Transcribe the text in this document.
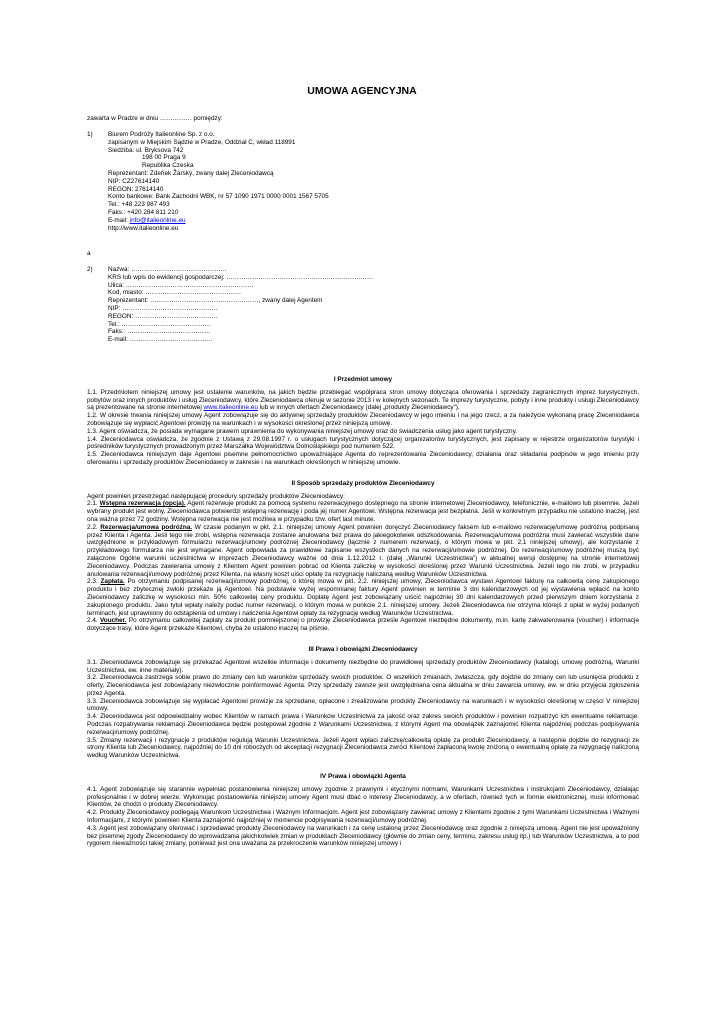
UMOWA AGENCYJNA
zawarta w Pradze w dniu …………… pomiędzy:
1) Biurem Podróży Italieonline Sp. z o.o.
zapisanym w Miejskim Sądzie w Pradze, Oddział C, wkład 118991
Siedziba: ul. Bryksova 742
198 00 Praga 9
Republika Czeska
Reprezentant: Zdeňek Žárský, zwany dalej Zleceniodawcą
NIP: CZ27614140
REGON: 27614140
Konto bankowe: Bank Zachodni WBK, nr 57 1090 1971 0000 0001 1567 5705
Tel.: +48 223 987 493
Faks.: +420 284 811 210
E-mail: info@italieonline.eu
http://www.italieonline.eu
a
2) Nazwa: ………………………………………
KRS lub wpis do ewidencji gospodarczej: ……………………………………………………………
Ulica: ……………………………………………………
Kod, miasto: ………………………………………
Reprezentant: ……………………………………………, zwany dalej Agentem
NIP: ………………………………………
REGON: …………………………………
Tel.: ……………………………………
Faks.: …………………………………
E-mail: …………………………………

I Przedmiot umowy

1.1. Przedmiotem niniejszej umowy jest ustalenie warunków, na jakich będzie przebiegać współpraca stron umowy dotycząca oferowania i sprzedaży zagranicznych imprez turystycznych, pobytów oraz innych produktów i usług Zleceniodawcy, które Zleceniodawca oferuje w sezonie 2013 i w kolejnych sezonach. Te imprezy turystyczne, pobyty i inne produkty i usługi Zleceniodawcy są prezentowane na stronie internetowej www.italieonline.eu lub w innych ofertach Zleceniodawcy (dalej „produkty Zleceniodawcy”).

1.2. W okresie trwania niniejszej umowy Agent zobowiązuje się do aktywnej sprzedaży produktów Zleceniodawcy w jego imieniu i na jego rzecz, a za należycie wykonaną pracę Zleceniodawca zobowiązuje się wypłacić Agentowi prowizję na warunkach i w wysokości określonej przez niniejszą umowę.

1.3. Agent oświadcza, że posiada wymagane prawem uprawnienia do wykonywania niniejszej umowy oraz do świadczenia usług jako agent turystyczny.

1.4. Zleceniodawca oświadcza, że zgodnie z Ustawą z 29.08.1997 r. o usługach turystycznych dotyczącej organizatorów turystycznych, jest zapisany w rejestrze organizatorów turystyki i pośredników turystycznych prowadzonym przez Marszałka Województwa Dolnośląskiego pod numerem 522.

1.5. Zleceniodawca niniejszym daje Agentowi pisemne pełnomocnictwo upoważniające Agenta do reprezentowania Zleceniodawcy, działania oraz składania podpisów w jego imieniu przy oferowaniu i sprzedaży produktów Zleceniodawcy w zakresie i na warunkach określonych w niniejszej umowie.

II Sposób sprzedaży produktów Zleceniodawcy

Agent powinien przestrzegać następującej procedury sprzedaży produktów Zleceniodawcy:

2.1. Wstępna rezerwacja (opcja). Agent rezerwuje produkt za pomocą systemu rezerwacyjnego dostępnego na stronie internetowej Zleceniodawcy, telefonicznie, e-mailowo lub pisemnie. Jeżeli wybrany produkt jest wolny, Zleceniodawca potwierdzi wstępną rezerwację i poda jej numer Agentowi. Wstępna rezerwacja jest bezpłatna. Jeśli w konkretnym przypadku nie ustalono inaczej, jest ona ważna przez 72 godziny. Wstępna rezerwacja nie jest możliwa w przypadku tzw. ofert last minute.

2.2. Rezerwacja/umowa podróżna. W czasie podanym w pkt. 2.1. niniejszej umowy Agent powinien doręczyć Zleceniodawcy faksem lub e-mailowo rezerwację/umowę podróżną podpisaną przez Klienta i Agenta. Jeśli tego nie zrobi, wstępna rezerwacja zostanie anulowana bez prawa do jakiegokolwiek odszkodowania. Rezerwacja/umowa podróżna musi zawierać wszystkie dane uwzględnione w przykładowym formularzu rezerwacji/umowy podróżnej Zleceniodawcy (łącznie z numerem rezerwacji, o którym mowa w pkt. 2.1 niniejszej umowy), ale korzystanie z przykładowego formularza nie jest wymagane. Agent odpowiada za prawidłowe zapisanie wszystkich danych na rezerwacji/umowie podróżnej. Do rezerwacji/umowy podróżnej muszą być załączone Ogólne warunki uczestnictwa w imprezach Zleceniodawcy ważne od dnia 1.12.2012 r. (dalej „Warunki Uczestnictwa”) w aktualnej wersji dostępnej na stronie internetowej Zleceniodawcy. Podczas zawierania umowy z Klientem Agent powinien pobrać od Klienta zaliczkę w wysokości określonej przez Warunki Uczestnictwa. Jeżeli tego nie zrobi, w przypadku anulowania rezerwacji/umowy podróżnej przez Klienta, na własny koszt uiści opłatę za rezygnację naliczaną według Warunków Uczestnictwa.

2.3. Zapłata. Po otrzymaniu podpisanej rezerwacji/umowy podróżnej, o której mowa w pkt. 2.2. niniejszej umowy, Zleceniodawca wystawi Agentowi fakturę na całkowitą cenę zakupionego produktu i bez zbytecznej zwłoki przekaże ją Agentowi. Na podstawie wyżej wspomnianej faktury Agent powinien w terminie 3 dni kalendarzowych od jej wystawienia wpłacić na konto Zleceniodawcy zaliczkę w wysokości min. 50% całkowitej ceny produktu. Dopłatę Agent jest zobowiązany uiścić najpóźniej 30 dni kalendarzowych przed pierwszym dniem korzystania z zakupionego produktu. Jako tytuł wpłaty należy podać numer rezerwacji, o którym mowa w punkcie 2.1. niniejszej umowy. Jeżeli Zleceniodawca nie otrzyma którejś z opłat w wyżej podanych terminach, jest uprawniony do odstąpienia od umowy i naliczenia Agentowi opłaty za rezygnację według Warunków Uczestnictwa.

2.4. Voucher. Po otrzymaniu całkowitej zapłaty za produkt pomniejszonej o prowizję Zleceniodawca prześle Agentowi niezbędne dokumenty, m.in. kartę zakwaterowania (voucher) i informacje dotyczące trasy, które Agent przekaże Klientowi, chyba że ustalono inaczej na piśmie.

III Prawa i obowiązki Zleceniodawcy

3.1. Zleceniodawca zobowiązuje się przekazać Agentowi wszelkie informacje i dokumenty niezbędne do prawidłowej sprzedaży produktów Zleceniodawcy (katalogi, umowę podróżną, Warunki Uczestnictwa, ew. inne materiały).

3.2. Zleceniodawca zastrzega sobie prawo do zmiany cen lub warunków sprzedaży swoich produktów. O wszelkich zmianach, zwłaszcza, gdy dojdzie do zmiany cen lub usunięcia produktu z oferty, Zleceniodawca jest zobowiązany niezwłocznie poinformować Agenta. Przy sprzedaży zawsze jest uwzględniana cena aktualna w dniu zawarcia umowy, ew. w dniu przyjęcia zgłoszenia przez Agenta.

3.3. Zleceniodawca zobowiązuje się wypłacać Agentowi prowizje za sprzedane, opłacone i zrealizowane produkty Zleceniodawcy na warunkach i w wysokości określonej w części V niniejszej umowy.

3.4. Zleceniodawca jest odpowiedzialny wobec Klientów w ramach prawa i Warunków Uczestnictwa za jakość oraz zakres swoich produktów i powinien rozpatrzyć ich ewentualne reklamacje. Podczas rozpatrywania reklamacji Zleceniodawca będzie postępował zgodnie z Warunkami Uczestnictwa, z którymi Agent ma obowiązek zaznajomić Klienta najpóźniej podczas podpisywania rezerwacji/umowy podróżnej.

3.5. Zmiany rezerwacji i rezygnacje z produktów regulują Warunki Uczestnictwa. Jeżeli Agent wpłaci zaliczkę/całkowitą opłatę za produkt Zleceniodawcy, a następnie dojdzie do rezygnacji ze strony Klienta lub Zleceniodawcy, najpóźniej do 10 dni roboczych od akceptacji rezygnacji Zleceniodawca zwróci Klientowi zapłaconą kwotę zniżoną o ewentualną opłatę za rezygnację naliczoną według Warunków Uczestnictwa.

IV Prawa i obowiązki Agenta

4.1. Agent zobowiązuje się starannie wypełniać postanowienia niniejszej umowy zgodnie z prawnymi i etycznymi normami, Warunkami Uczestnictwa i instrukcjami Zleceniodawcy, działając profesjonalnie i w dobrej wierze. Wykonując postanowienia niniejszej umowy Agent musi dbać o interesy Zleceniodawcy, a w ofertach, również tych w formie elektronicznej, musi informować Klientów, że chodzi o produkty Zleceniodawcy.

4.2. Produkty Zleceniodawcy podlegają Warunkom Uczestnictwa i Ważnym Informacjom. Agent jest zobowiązany zawierać umowy z Klientami zgodnie z tymi Warunkami Uczestnictwa i Ważnymi Informacjami, z którymi powinien Klienta zaznajomić najpóźniej w momencie podpisywania rezerwacji/umowy podróżnej.

4.3. Agent jest zobowiązany oferować i sprzedawać produkty Zleceniodawcy na warunkach i za cenę ustaloną przez Zleceniodawcę oraz zgodnie z niniejszą umową. Agent nie jest upoważniony bez pisemnej zgody Zleceniodawcy do wprowadzania jakichkolwiek zmian w produktach Zleceniodawcy (głównie do zmian ceny, terminu, zakresu usług itp.) lub Warunków Uczestnictwa, a to pod rygorem nieważności takiej zmiany, ponieważ jest ona uważana za przekroczenie warunków niniejszej umowy i
